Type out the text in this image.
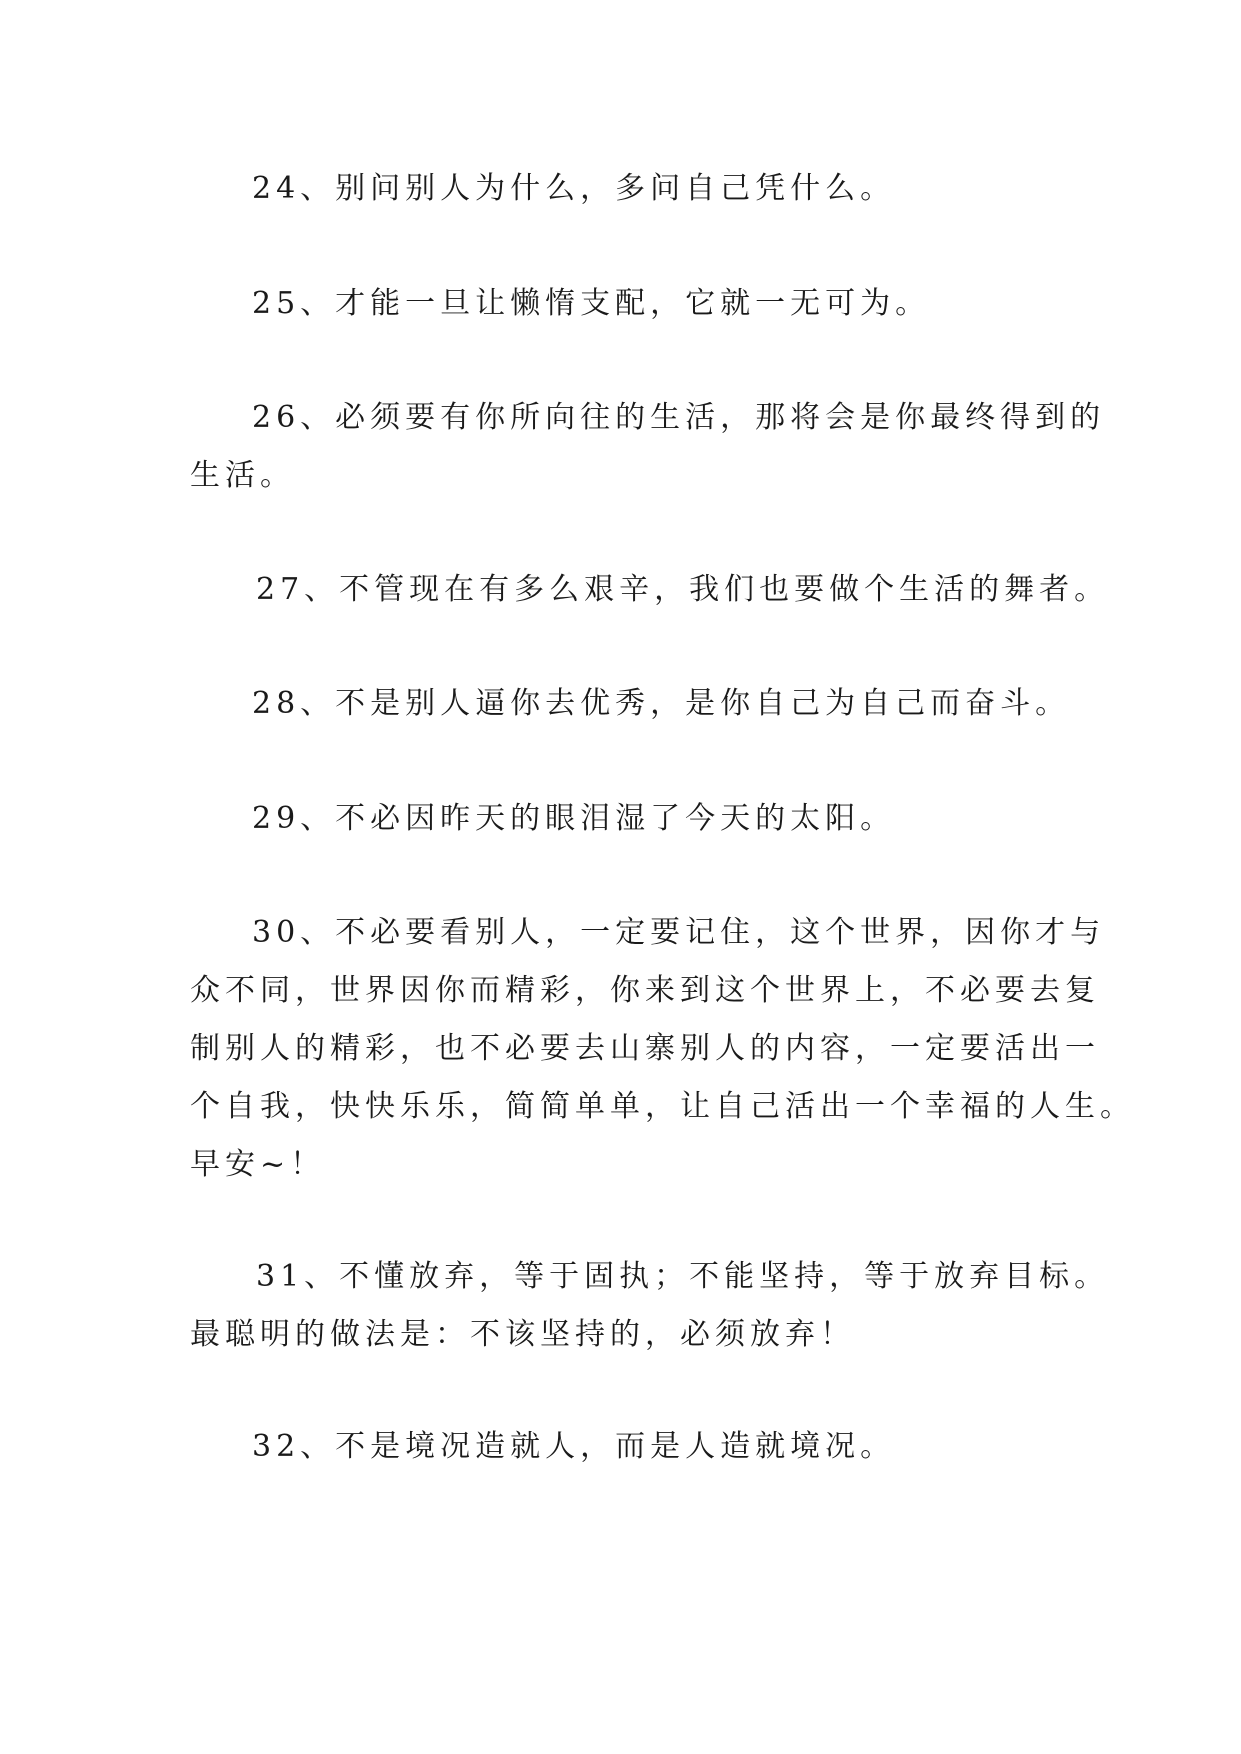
24、别问别人为什么，多问自己凭什么。

25、才能一旦让懒惰支配，它就一无可为。

26、必须要有你所向往的生活，那将会是你最终得到的
生活。

27、不管现在有多么艰辛，我们也要做个生活的舞者。

28、不是别人逼你去优秀，是你自己为自己而奋斗。

29、不必因昨天的眼泪湿了今天的太阳。

30、不必要看别人，一定要记住，这个世界，因你才与
众不同，世界因你而精彩，你来到这个世界上，不必要去复
制别人的精彩，也不必要去山寨别人的内容，一定要活出一
个自我，快快乐乐，简简单单，让自己活出一个幸福的人生。
早安~！

31、不懂放弃，等于固执；不能坚持，等于放弃目标。
最聪明的做法是：不该坚持的，必须放弃！

32、不是境况造就人，而是人造就境况。
